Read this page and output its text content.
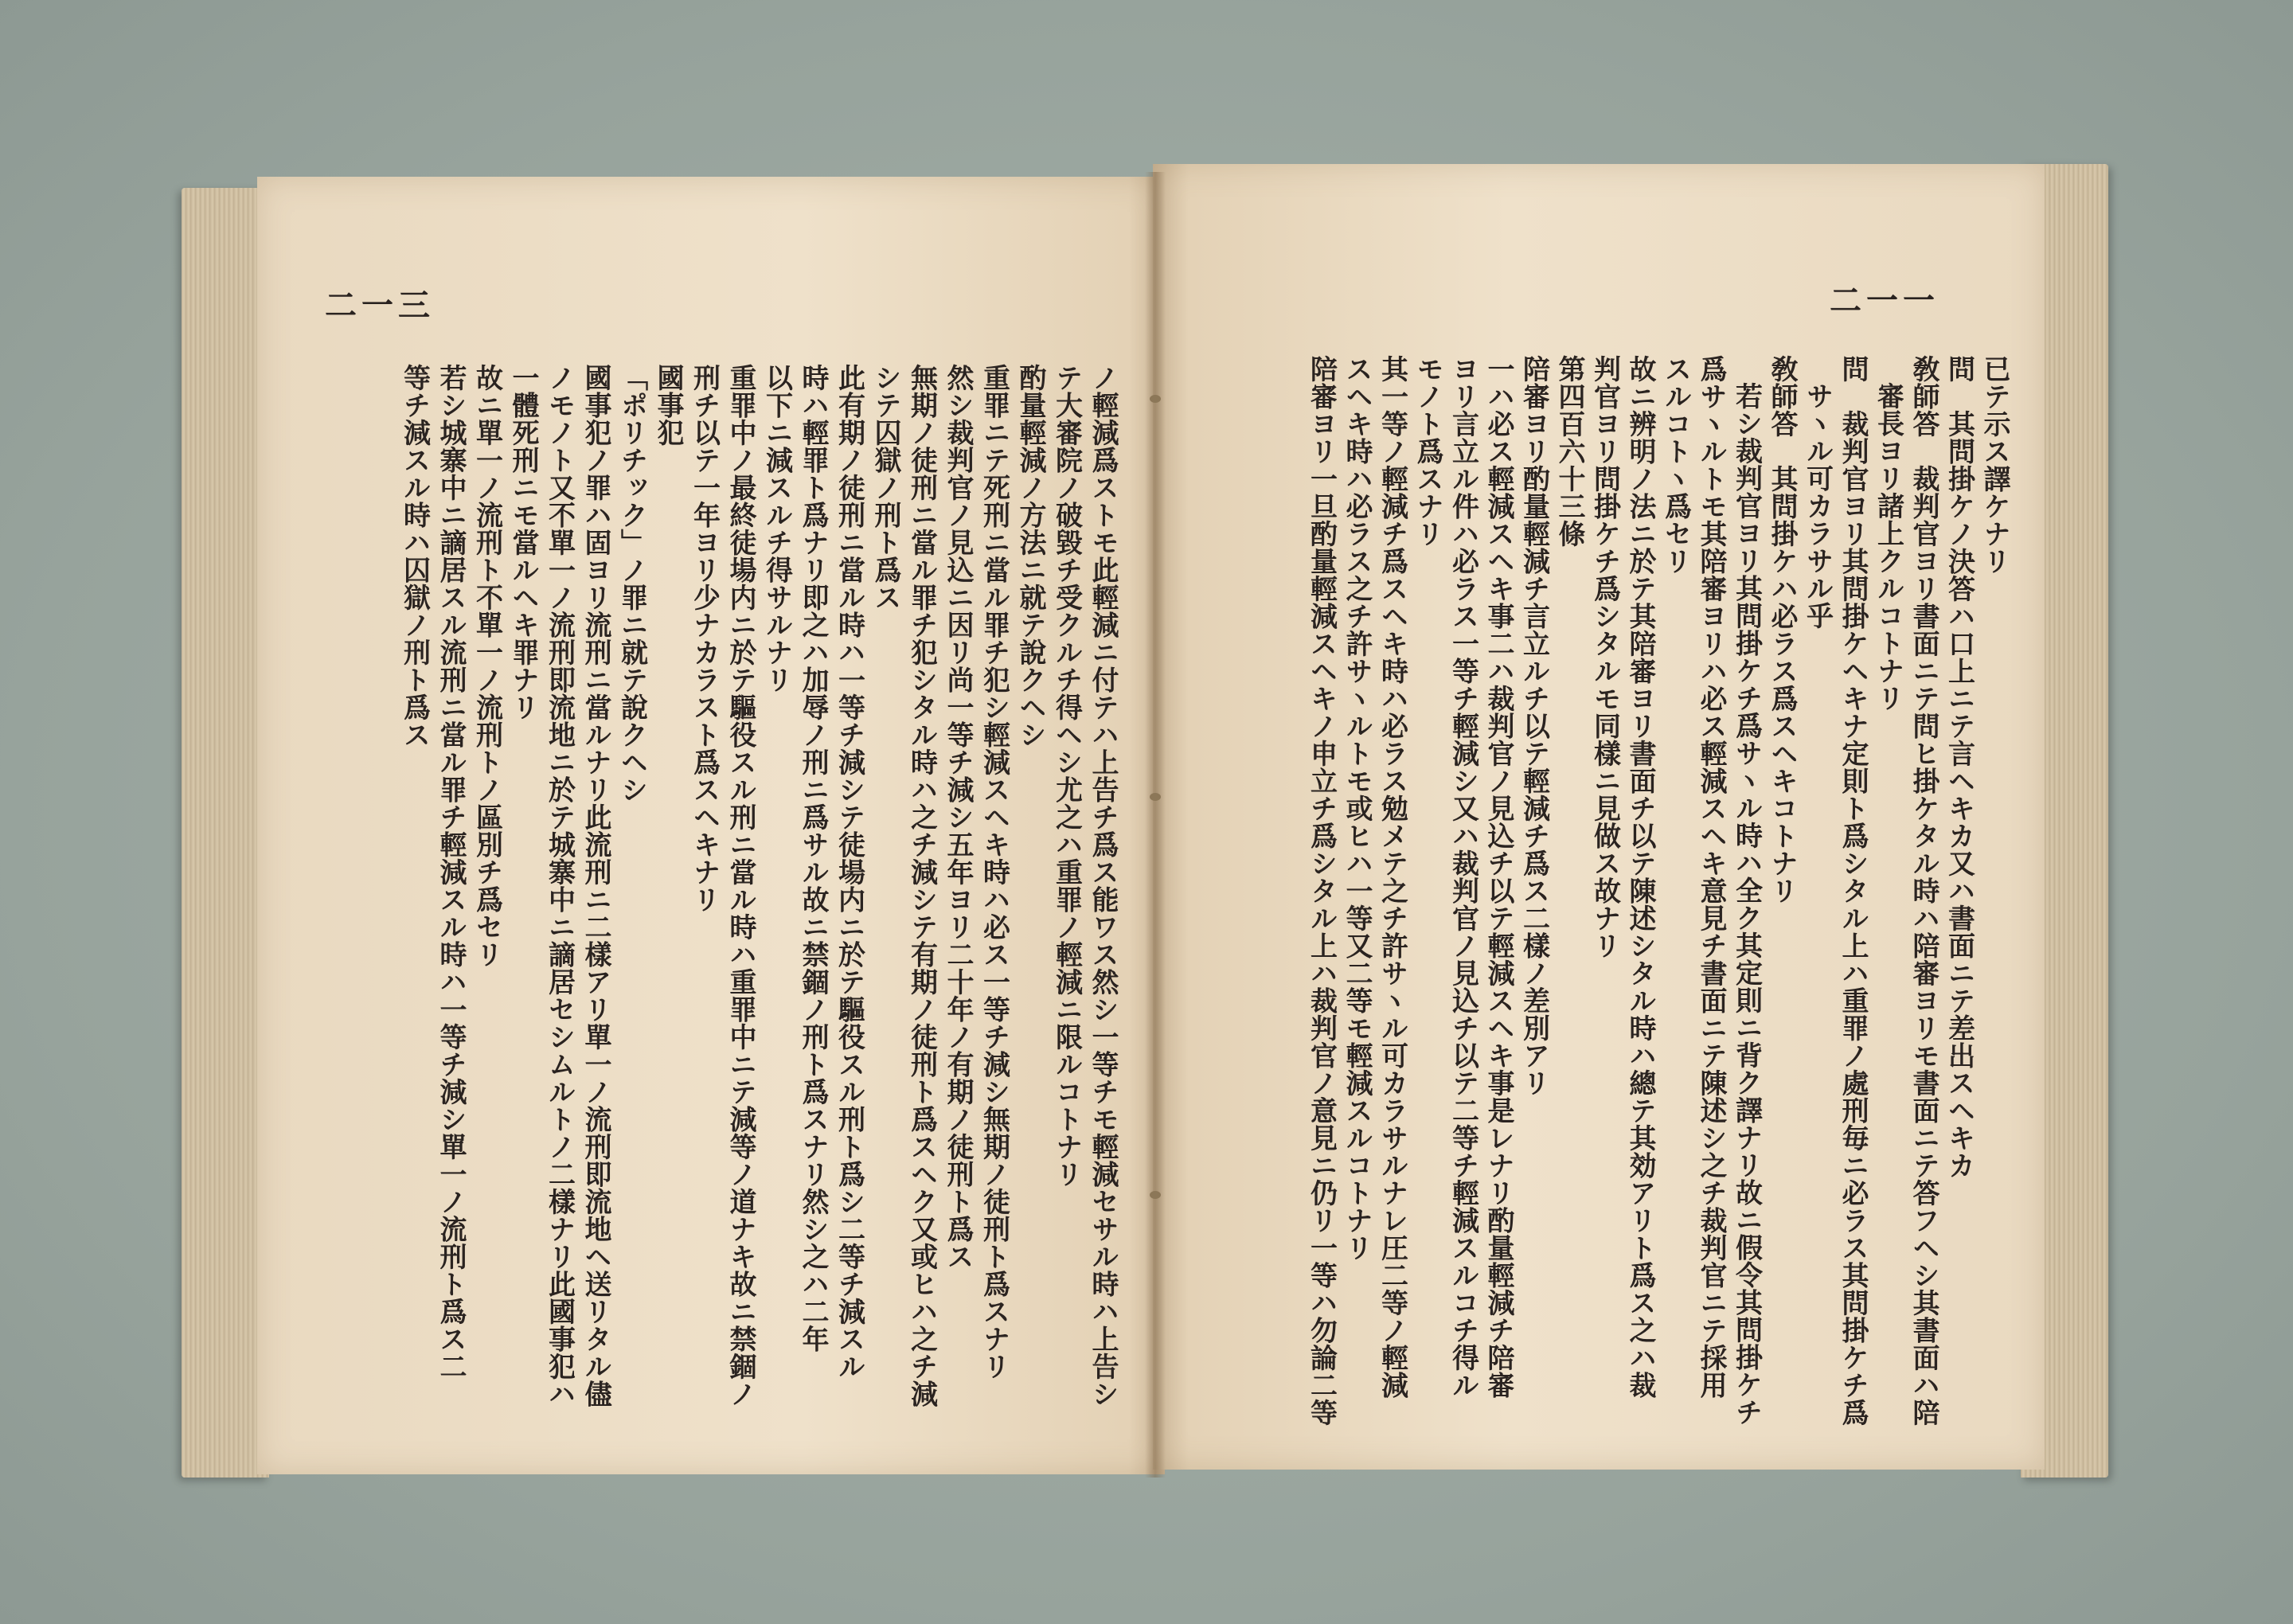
二一三
ノ輕減爲ストモ此輕減ニ付テハ上告チ爲ス能ワス然シ一等チモ輕減セサル時ハ上告シ
テ大審院ノ破毀チ受クルチ得ヘシ尤之ハ重罪ノ輕減ニ限ルコトナリ
酌量輕減ノ方法ニ就テ說クヘシ
重罪ニテ死刑ニ當ル罪チ犯シ輕減スヘキ時ハ必ス一等チ減シ無期ノ徒刑ト爲スナリ
然シ裁判官ノ見込ニ因リ尚一等チ減シ五年ヨリ二十年ノ有期ノ徒刑ト爲ス
無期ノ徒刑ニ當ル罪チ犯シタル時ハ之チ減シテ有期ノ徒刑ト爲スヘク又或ヒハ之チ減
シテ囚獄ノ刑ト爲ス
此有期ノ徒刑ニ當ル時ハ一等チ減シテ徒場内ニ於テ驅役スル刑ト爲シ二等チ減スル
時ハ輕罪ト爲ナリ即之ハ加辱ノ刑ニ爲サル故ニ禁錮ノ刑ト爲スナリ然シ之ハ二年
以下ニ減スルチ得サルナリ
重罪中ノ最終徒場内ニ於テ驅役スル刑ニ當ル時ハ重罪中ニテ減等ノ道ナキ故ニ禁錮ノ
刑チ以テ一年ヨリ少ナカラスト爲スヘキナリ
國事犯
「ポリチック」ノ罪ニ就テ說クヘシ
國事犯ノ罪ハ固ヨリ流刑ニ當ルナリ此流刑ニ二樣アリ單一ノ流刑即流地ヘ送リタル儘
ノモノト又不單一ノ流刑即流地ニ於テ城寨中ニ謫居セシムルトノ二樣ナリ此國事犯ハ
一體死刑ニモ當ルヘキ罪ナリ
故ニ單一ノ流刑ト不單一ノ流刑トノ區別チ爲セリ
若シ城寨中ニ謫居スル流刑ニ當ル罪チ輕減スル時ハ一等チ減シ單一ノ流刑ト爲ス二
等チ減スル時ハ囚獄ノ刑ト爲ス
二一一
已テ示ス譯ケナリ
問　其問掛ケノ決答ハ口上ニテ言ヘキカ又ハ書面ニテ差出スヘキカ
敎師答　裁判官ヨリ書面ニテ問ヒ掛ケタル時ハ陪審ヨリモ書面ニテ答フヘシ其書面ハ陪
審長ヨリ諸上クルコトナリ
問　裁判官ヨリ其問掛ケヘキナ定則ト爲シタル上ハ重罪ノ處刑毎ニ必ラス其問掛ケチ爲
サヽル可カラサル乎
敎師答　其問掛ケハ必ラス爲スヘキコトナリ
若シ裁判官ヨリ其問掛ケチ爲サヽル時ハ全ク其定則ニ背ク譯ナリ故ニ假令其問掛ケチ
爲サヽルトモ其陪審ヨリハ必ス輕減スヘキ意見チ書面ニテ陳述シ之チ裁判官ニテ採用
スルコトヽ爲セリ
故ニ辨明ノ法ニ於テ其陪審ヨリ書面チ以テ陳述シタル時ハ總テ其効アリト爲ス之ハ裁
判官ヨリ問掛ケチ爲シタルモ同樣ニ見做ス故ナリ
第四百六十三條
陪審ヨリ酌量輕減チ言立ルチ以テ輕減チ爲ス二樣ノ差別アリ
一ハ必ス輕減スヘキ事二ハ裁判官ノ見込チ以テ輕減スヘキ事是レナリ酌量輕減チ陪審
ヨリ言立ル件ハ必ラス一等チ輕減シ又ハ裁判官ノ見込チ以テ二等チ輕減スルコチ得ル
モノト爲スナリ
其一等ノ輕減チ爲スヘキ時ハ必ラス勉メテ之チ許サヽル可カラサルナレ圧二等ノ輕減
スヘキ時ハ必ラス之チ許サヽルトモ或ヒハ一等又二等モ輕減スルコトナリ
陪審ヨリ一旦酌量輕減スヘキノ申立チ爲シタル上ハ裁判官ノ意見ニ仍リ一等ハ勿論二等
